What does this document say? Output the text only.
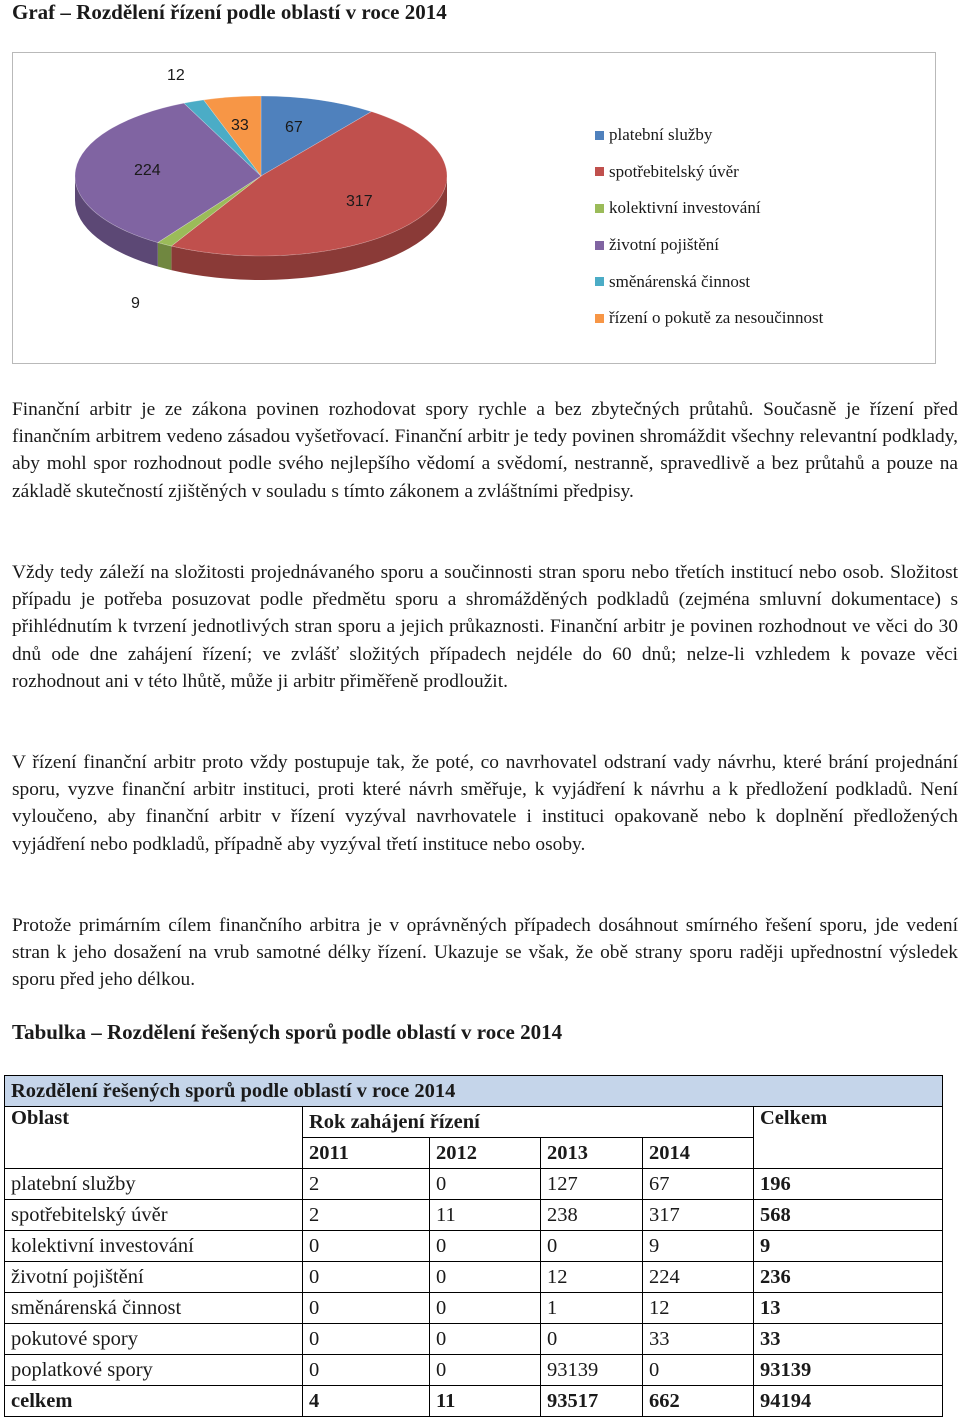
Graf – Rozdělení řízení podle oblastí v roce 2014
platební služby
spotřebitelský úvěr
kolektivní investování
životní pojištění
směnárenská činnost
řízení o pokutě za nesoučinnost
67
317
9
224
12
33

Finanční arbitr je ze zákona povinen rozhodovat spory rychle a bez zbytečných průtahů. Současně je řízení před finančním arbitrem vedeno zásadou vyšetřovací. Finanční arbitr je tedy povinen shromáždit všechny relevantní podklady, aby mohl spor rozhodnout podle svého nejlepšího vědomí a svědomí, nestranně, spravedlivě a bez průtahů a pouze na základě skutečností zjištěných v souladu s tímto zákonem a zvláštními předpisy.

Vždy tedy záleží na složitosti projednávaného sporu a součinnosti stran sporu nebo třetích institucí nebo osob. Složitost případu je potřeba posuzovat podle předmětu sporu a shromážděných podkladů (zejména smluvní dokumentace) s přihlédnutím k tvrzení jednotlivých stran sporu a jejich průkaznosti. Finanční arbitr je povinen rozhodnout ve věci do 30 dnů ode dne zahájení řízení; ve zvlášť složitých případech nejdéle do 60 dnů; nelze-li vzhledem k povaze věci rozhodnout ani v této lhůtě, může ji arbitr přiměřeně prodloužit.

V řízení finanční arbitr proto vždy postupuje tak, že poté, co navrhovatel odstraní vady návrhu, které brání projednání sporu, vyzve finanční arbitr instituci, proti které návrh směřuje, k vyjádření k návrhu a k předložení podkladů. Není vyloučeno, aby finanční arbitr v řízení vyzýval navrhovatele i instituci opakovaně nebo k doplnění předložených vyjádření nebo podkladů, případně aby vyzýval třetí instituce nebo osoby.

Protože primárním cílem finančního arbitra je v oprávněných případech dosáhnout smírného řešení sporu, jde vedení stran k jeho dosažení na vrub samotné délky řízení. Ukazuje se však, že obě strany sporu raději upřednostní výsledek sporu před jeho délkou.

Tabulka – Rozdělení řešených sporů podle oblastí v roce 2014
Rozdělení řešených sporů podle oblastí v roce 2014					
Oblast	Rok zahájení řízení				Celkem
	2011	2012	2013	2014	
platební služby	2	0	127	67	196
spotřebitelský úvěr	2	11	238	317	568
kolektivní investování	0	0	0	9	9
životní pojištění	0	0	12	224	236
směnárenská činnost	0	0	1	12	13
pokutové spory	0	0	0	33	33
poplatkové spory	0	0	93139	0	93139
celkem	4	11	93517	662	94194
